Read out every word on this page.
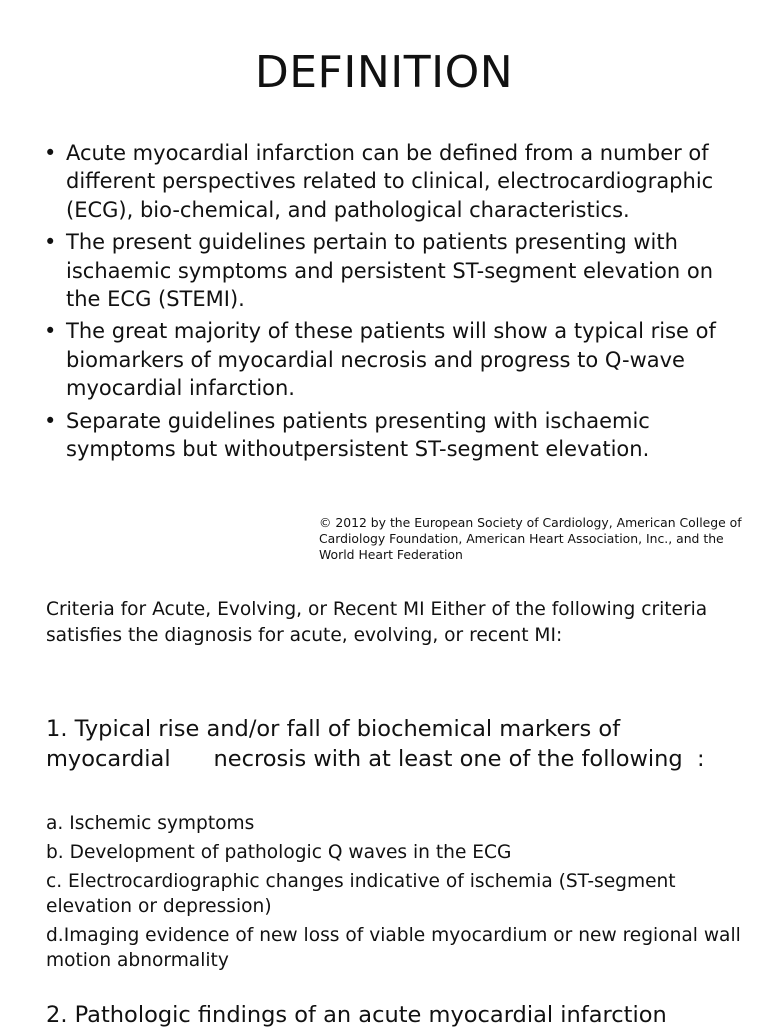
DEFINITION
• Acute myocardial infarction can be defined from a number of different perspectives related to clinical, electrocardiographic (ECG), bio-chemical, and pathological characteristics.
• The present guidelines pertain to patients presenting with ischaemic symptoms and persistent ST-segment elevation on the ECG (STEMI).
• The great majority of these patients will show a typical rise of biomarkers of myocardial necrosis and progress to Q-wave myocardial infarction.
• Separate guidelines patients presenting with ischaemic symptoms but withoutpersistent ST-segment elevation.
© 2012 by the European Society of Cardiology, American College of Cardiology Foundation, American Heart Association, Inc., and the World Heart Federation
Criteria for Acute, Evolving, or Recent MI Either of the following criteria satisfies the diagnosis for acute, evolving, or recent MI:
1. Typical rise and/or fall of biochemical markers of myocardial      necrosis with at least one of the following  :
a. Ischemic symptoms
b. Development of pathologic Q waves in the ECG
c. Electrocardiographic changes indicative of ischemia (ST-segment elevation or depression)
d.Imaging evidence of new loss of viable myocardium or new regional wall motion abnormality
2. Pathologic findings of an acute myocardial infarction
